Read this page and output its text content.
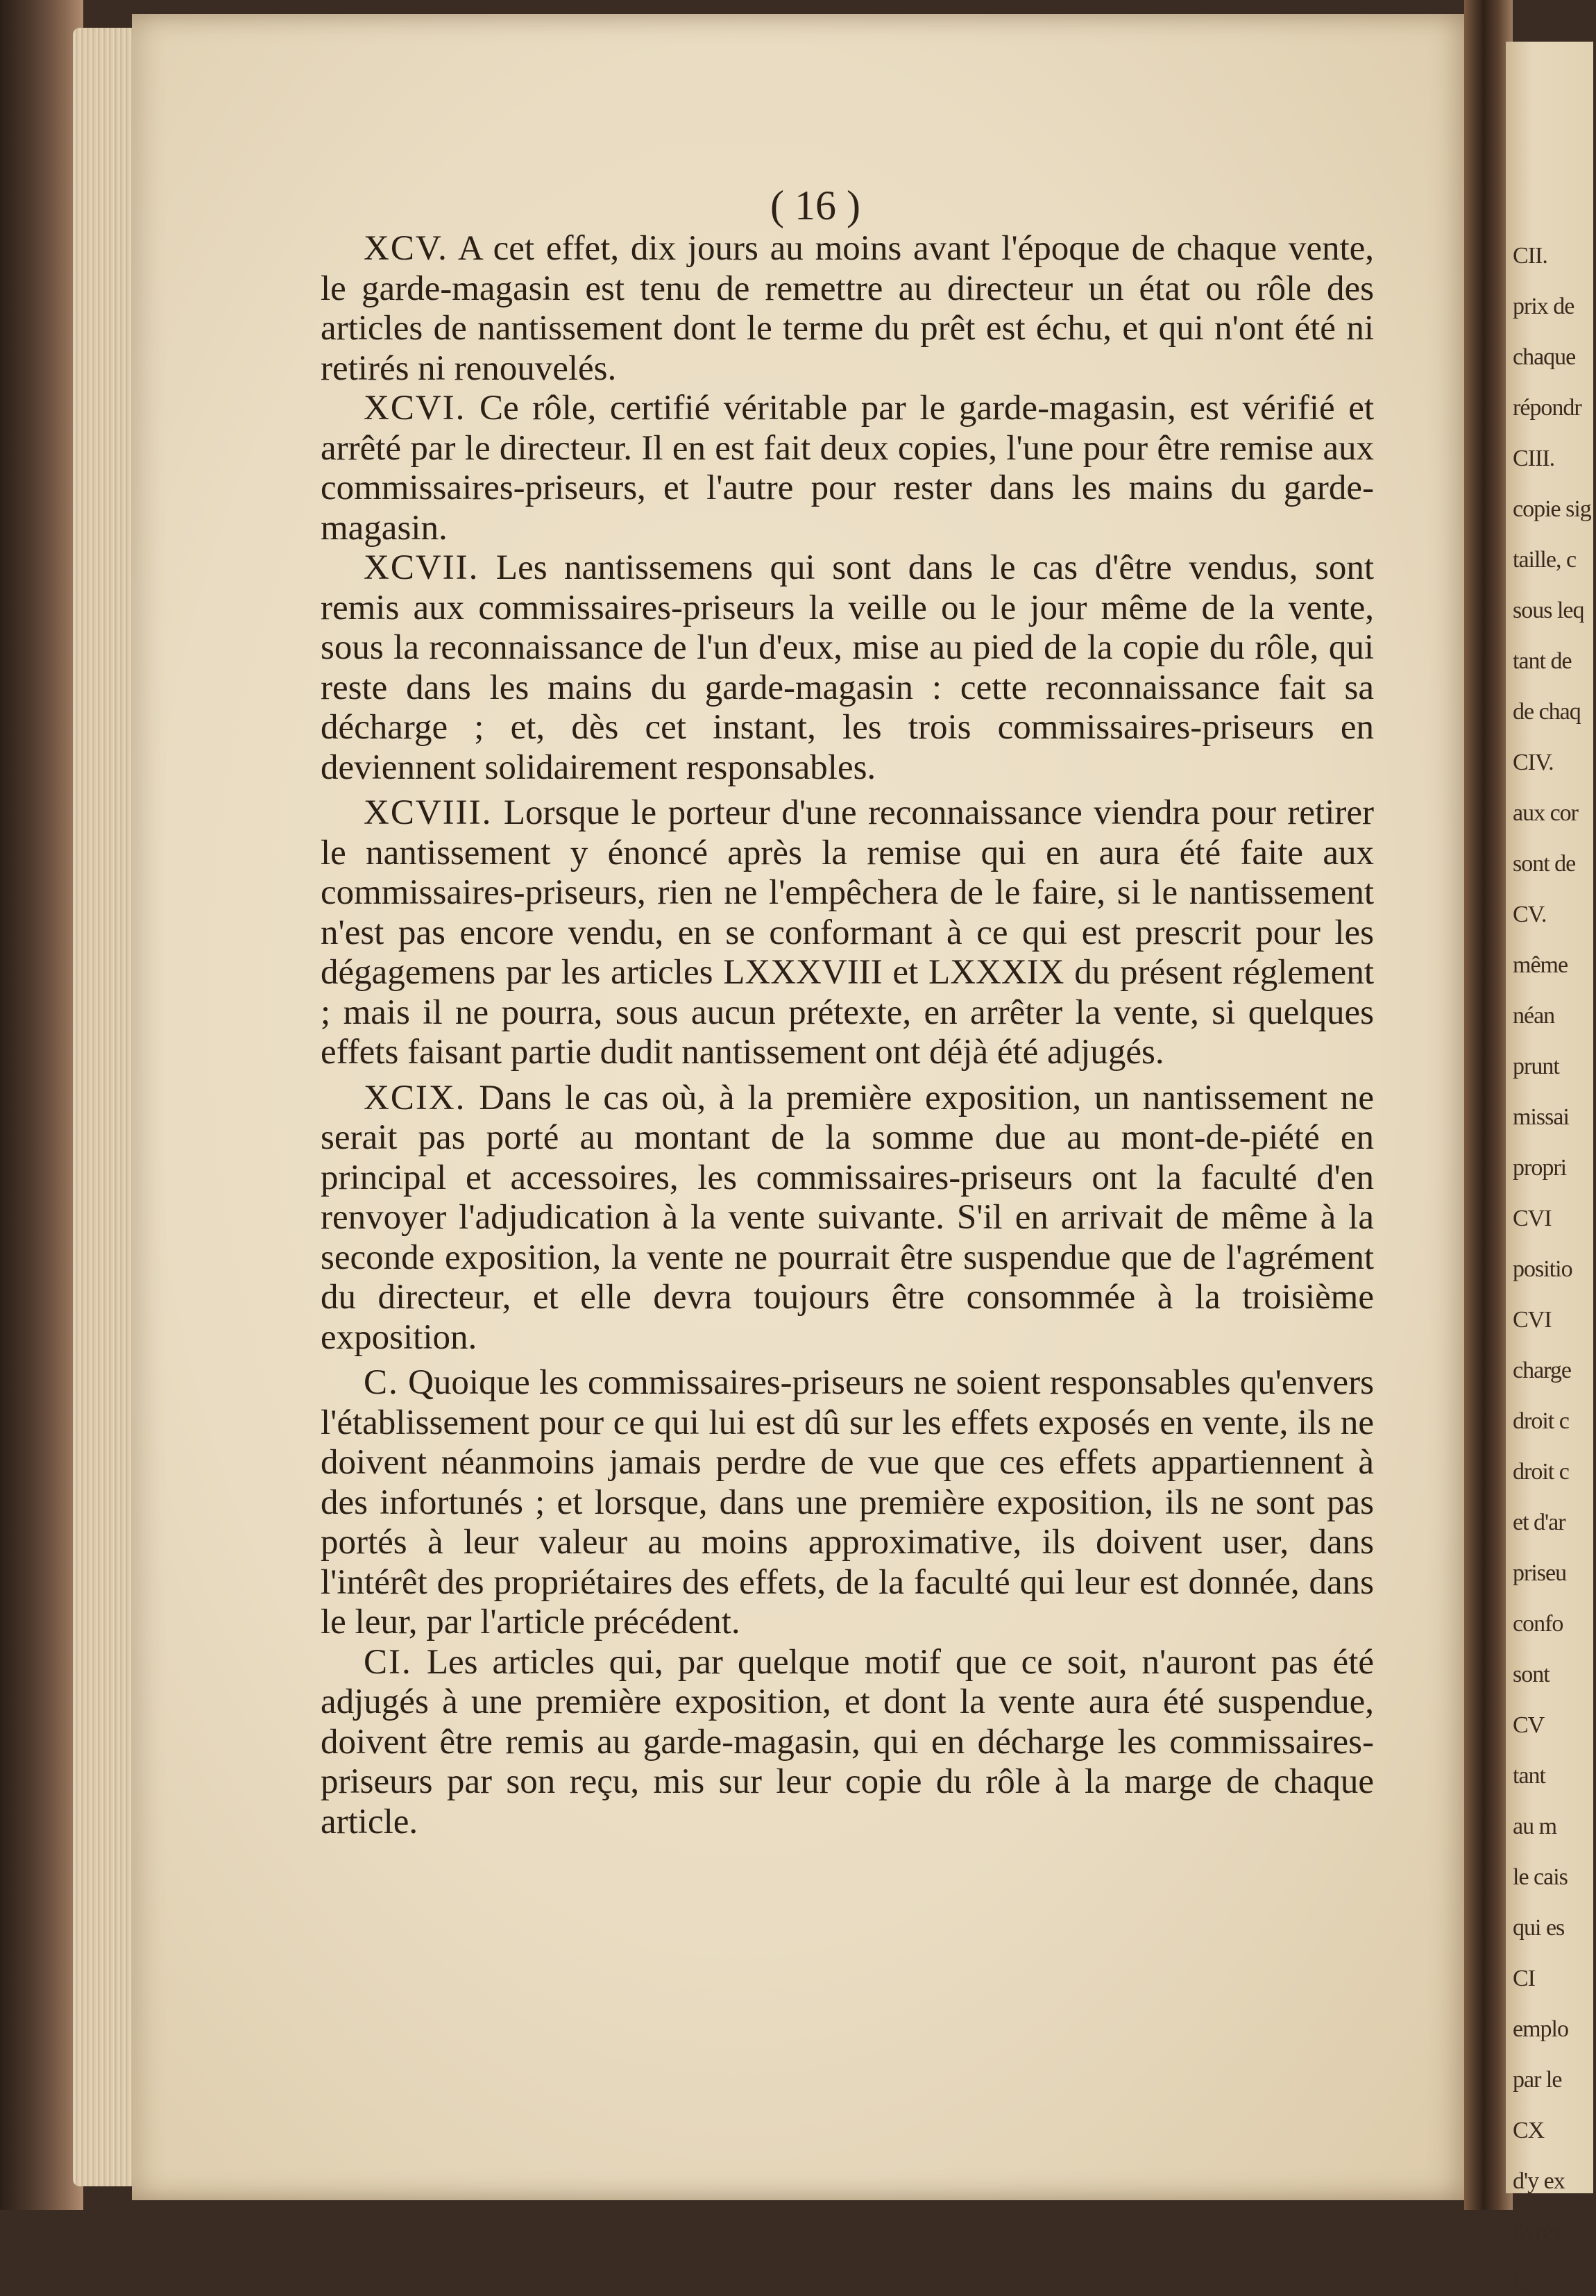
( 16 )

XCV. A cet effet, dix jours au moins avant l'époque de chaque vente, le garde-magasin est tenu de remettre au directeur un état ou rôle des articles de nantissement dont le terme du prêt est échu, et qui n'ont été ni retirés ni renouvelés.

XCVI. Ce rôle, certifié véritable par le garde-magasin, est vérifié et arrêté par le directeur. Il en est fait deux copies, l'une pour être remise aux commissaires-priseurs, et l'autre pour rester dans les mains du garde-magasin.

XCVII. Les nantissemens qui sont dans le cas d'être vendus, sont remis aux commissaires-priseurs la veille ou le jour même de la vente, sous la reconnaissance de l'un d'eux, mise au pied de la copie du rôle, qui reste dans les mains du garde-magasin : cette reconnaissance fait sa décharge ; et, dès cet instant, les trois commissaires-priseurs en deviennent solidairement responsables.

XCVIII. Lorsque le porteur d'une reconnaissance viendra pour retirer le nantissement y énoncé après la remise qui en aura été faite aux commissaires-priseurs, rien ne l'empêchera de le faire, si le nantissement n'est pas encore vendu, en se conformant à ce qui est prescrit pour les dégagemens par les articles LXXXVIII et LXXXIX du présent réglement ; mais il ne pourra, sous aucun prétexte, en arrêter la vente, si quelques effets faisant partie dudit nantissement ont déjà été adjugés.

XCIX. Dans le cas où, à la première exposition, un nantissement ne serait pas porté au montant de la somme due au mont-de-piété en principal et accessoires, les commissaires-priseurs ont la faculté d'en renvoyer l'adjudication à la vente suivante. S'il en arrivait de même à la seconde exposition, la vente ne pourrait être suspendue que de l'agrément du directeur, et elle devra toujours être consommée à la troisième exposition.

C. Quoique les commissaires-priseurs ne soient responsables qu'envers l'établissement pour ce qui lui est dû sur les effets exposés en vente, ils ne doivent néanmoins jamais perdre de vue que ces effets appartiennent à des infortunés ; et lorsque, dans une première exposition, ils ne sont pas portés à leur valeur au moins approximative, ils doivent user, dans l'intérêt des propriétaires des effets, de la faculté qui leur est donnée, dans le leur, par l'article précédent.

CI. Les articles qui, par quelque motif que ce soit, n'auront pas été adjugés à une première exposition, et dont la vente aura été suspendue, doivent être remis au garde-magasin, qui en décharge les commissaires-priseurs par son reçu, mis sur leur copie du rôle à la marge de chaque article.

CII.
prix de
chaque
répondr
CIII.
copie sig
taille, c
sous leq
tant de
de chaq
CIV.
aux cor
sont de
CV.
même
néan
prunt
missai
propri
CVI
positio
CVI
charge
droit c
droit c
et d'ar
priseu
confo
sont
CV
tant
au m
le cais
qui es
CI
emplo
par le
CX
d'y ex
livrés
C.
